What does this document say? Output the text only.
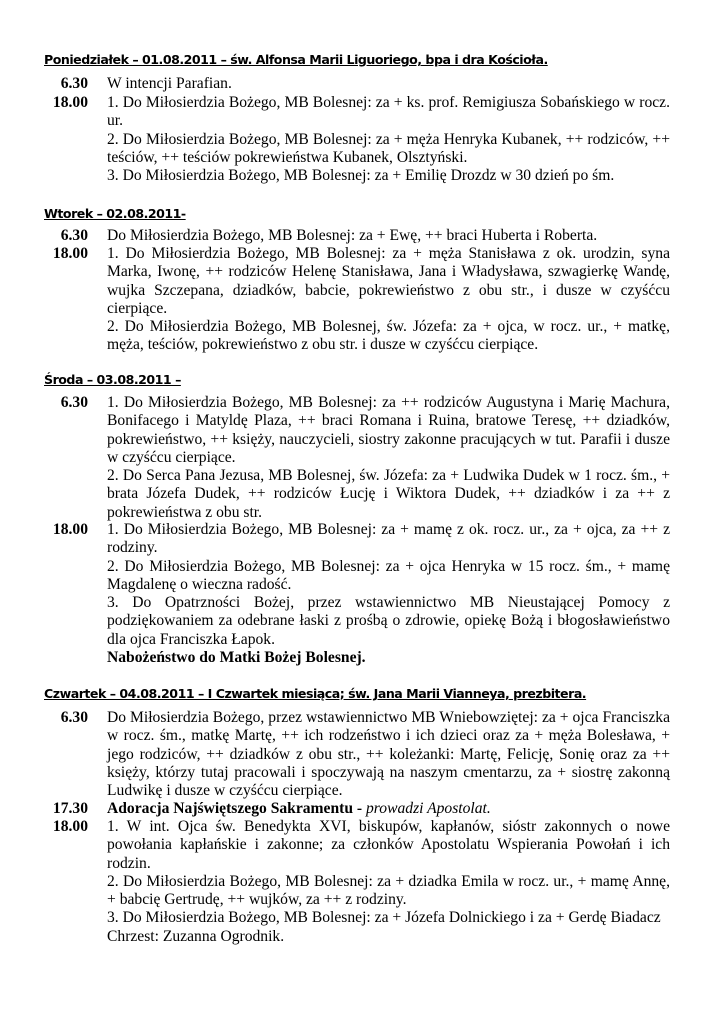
Poniedziałek – 01.08.2011 – św. Alfonsa Marii Liguoriego, bpa i dra Kościoła.
6.30 W intencji Parafian.
18.00 1. Do Miłosierdzia Bożego, MB Bolesnej: za + ks. prof. Remigiusza Sobańskiego w rocz. ur.
2. Do Miłosierdzia Bożego, MB Bolesnej: za + męża Henryka Kubanek, ++ rodziców, ++ teściów, ++ teściów pokrewieństwa Kubanek, Olsztyński.
3. Do Miłosierdzia Bożego, MB Bolesnej: za + Emilię Drozdz w 30 dzień po śm.
Wtorek – 02.08.2011-
6.30 Do Miłosierdzia Bożego, MB Bolesnej: za + Ewę, ++ braci Huberta i Roberta.
18.00 1. Do Miłosierdzia Bożego, MB Bolesnej: za + męża Stanisława z ok. urodzin, syna Marka, Iwonę, ++ rodziców Helenę Stanisława, Jana i Władysława, szwagierkę Wandę, wujka Szczepana, dziadków, babcie, pokrewieństwo z obu str., i dusze w czyśćcu cierpiące.
2. Do Miłosierdzia Bożego, MB Bolesnej, św. Józefa: za + ojca, w rocz. ur., + matkę, męża, teściów, pokrewieństwo z obu str. i dusze w czyśćcu cierpiące.
Środa – 03.08.2011 –
6.30 1. Do Miłosierdzia Bożego, MB Bolesnej: za ++ rodziców Augustyna i Marię Machura, Bonifacego i Matyldę Plaza, ++ braci Romana i Ruina, bratowe Teresę, ++ dziadków, pokrewieństwo, ++ księży, nauczycieli, siostry zakonne pracujących w tut. Parafii i dusze w czyśćcu cierpiące.
2. Do Serca Pana Jezusa, MB Bolesnej, św. Józefa: za + Ludwika Dudek w 1 rocz. śm., + brata Józefa Dudek, ++ rodziców Łucję i Wiktora Dudek, ++ dziadków i za ++ z pokrewieństwa z obu str.
18.00 1. Do Miłosierdzia Bożego, MB Bolesnej: za + mamę z ok. rocz. ur., za + ojca, za ++ z rodziny.
2. Do Miłosierdzia Bożego, MB Bolesnej: za + ojca Henryka w 15 rocz. śm., + mamę Magdalenę o wieczna radość.
3. Do Opatrzności Bożej, przez wstawiennictwo MB Nieustającej Pomocy z podziękowaniem za odebrane łaski z prośbą o zdrowie, opiekę Bożą i błogosławieństwo dla ojca Franciszka Łapok.
Nabożeństwo do Matki Bożej Bolesnej.
Czwartek – 04.08.2011 – I Czwartek miesiąca; św. Jana Marii Vianneya, prezbitera.
6.30 Do Miłosierdzia Bożego, przez wstawiennictwo MB Wniebowziętej: za + ojca Franciszka w rocz. śm., matkę Martę, ++ ich rodzeństwo i ich dzieci oraz za + męża Bolesława, + jego rodziców, ++ dziadków z obu str., ++ koleżanki: Martę, Felicję, Sonię oraz za ++ księży, którzy tutaj pracowali i spoczywają na naszym cmentarzu, za + siostrę zakonną Ludwikę i dusze w czyśćcu cierpiące.
17.30 Adoracja Najświętszego Sakramentu - prowadzi Apostolat.
18.00 1. W int. Ojca św. Benedykta XVI, biskupów, kapłanów, sióstr zakonnych o nowe powołania kapłańskie i zakonne; za członków Apostolatu Wspierania Powołań i ich rodzin.
2. Do Miłosierdzia Bożego, MB Bolesnej: za + dziadka Emila w rocz. ur., + mamę Annę, + babcię Gertrudę, ++ wujków, za ++ z rodziny.
3. Do Miłosierdzia Bożego, MB Bolesnej: za + Józefa Dolnickiego i za + Gerdę Biadacz
Chrzest: Zuzanna Ogrodnik.
